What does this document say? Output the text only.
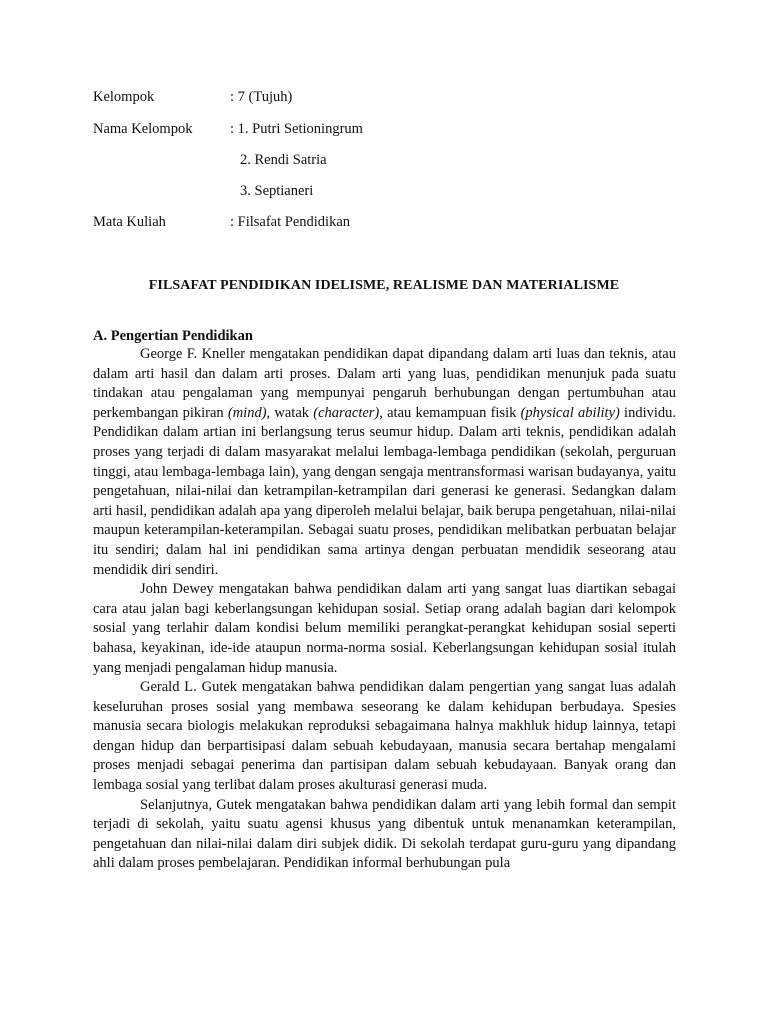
Kelompok	: 7 (Tujuh)
Nama Kelompok	: 1. Putri Setioningrum
2. Rendi Satria
3. Septianeri
Mata Kuliah	: Filsafat Pendidikan
FILSAFAT PENDIDIKAN IDELISME, REALISME DAN MATERIALISME
A. Pengertian Pendidikan

George F. Kneller mengatakan pendidikan dapat dipandang dalam arti luas dan teknis, atau dalam arti hasil dan dalam arti proses. Dalam arti yang luas, pendidikan menunjuk pada suatu tindakan atau pengalaman yang mempunyai pengaruh berhubungan dengan pertumbuhan atau perkembangan pikiran (mind), watak (character), atau kemampuan fisik (physical ability) individu. Pendidikan dalam artian ini berlangsung terus seumur hidup. Dalam arti teknis, pendidikan adalah proses yang terjadi di dalam masyarakat melalui lembaga-lembaga pendidikan (sekolah, perguruan tinggi, atau lembaga-lembaga lain), yang dengan sengaja mentransformasi warisan budayanya, yaitu pengetahuan, nilai-nilai dan ketrampilan-ketrampilan dari generasi ke generasi. Sedangkan dalam arti hasil, pendidikan adalah apa yang diperoleh melalui belajar, baik berupa pengetahuan, nilai-nilai maupun keterampilan-keterampilan. Sebagai suatu proses, pendidikan melibatkan perbuatan belajar itu sendiri; dalam hal ini pendidikan sama artinya dengan perbuatan mendidik seseorang atau mendidik diri sendiri.

John Dewey mengatakan bahwa pendidikan dalam arti yang sangat luas diartikan sebagai cara atau jalan bagi keberlangsungan kehidupan sosial. Setiap orang adalah bagian dari kelompok sosial yang terlahir dalam kondisi belum memiliki perangkat-perangkat kehidupan sosial seperti bahasa, keyakinan, ide-ide ataupun norma-norma sosial. Keberlangsungan kehidupan sosial itulah yang menjadi pengalaman hidup manusia.

Gerald L. Gutek mengatakan bahwa pendidikan dalam pengertian yang sangat luas adalah keseluruhan proses sosial yang membawa seseorang ke dalam kehidupan berbudaya. Spesies manusia secara biologis melakukan reproduksi sebagaimana halnya makhluk hidup lainnya, tetapi dengan hidup dan berpartisipasi dalam sebuah kebudayaan, manusia secara bertahap mengalami proses menjadi sebagai penerima dan partisipan dalam sebuah kebudayaan. Banyak orang dan lembaga sosial yang terlibat dalam proses akulturasi generasi muda.

Selanjutnya, Gutek mengatakan bahwa pendidikan dalam arti yang lebih formal dan sempit terjadi di sekolah, yaitu suatu agensi khusus yang dibentuk untuk menanamkan keterampilan, pengetahuan dan nilai-nilai dalam diri subjek didik. Di sekolah terdapat guru-guru yang dipandang ahli dalam proses pembelajaran. Pendidikan informal berhubungan pula
